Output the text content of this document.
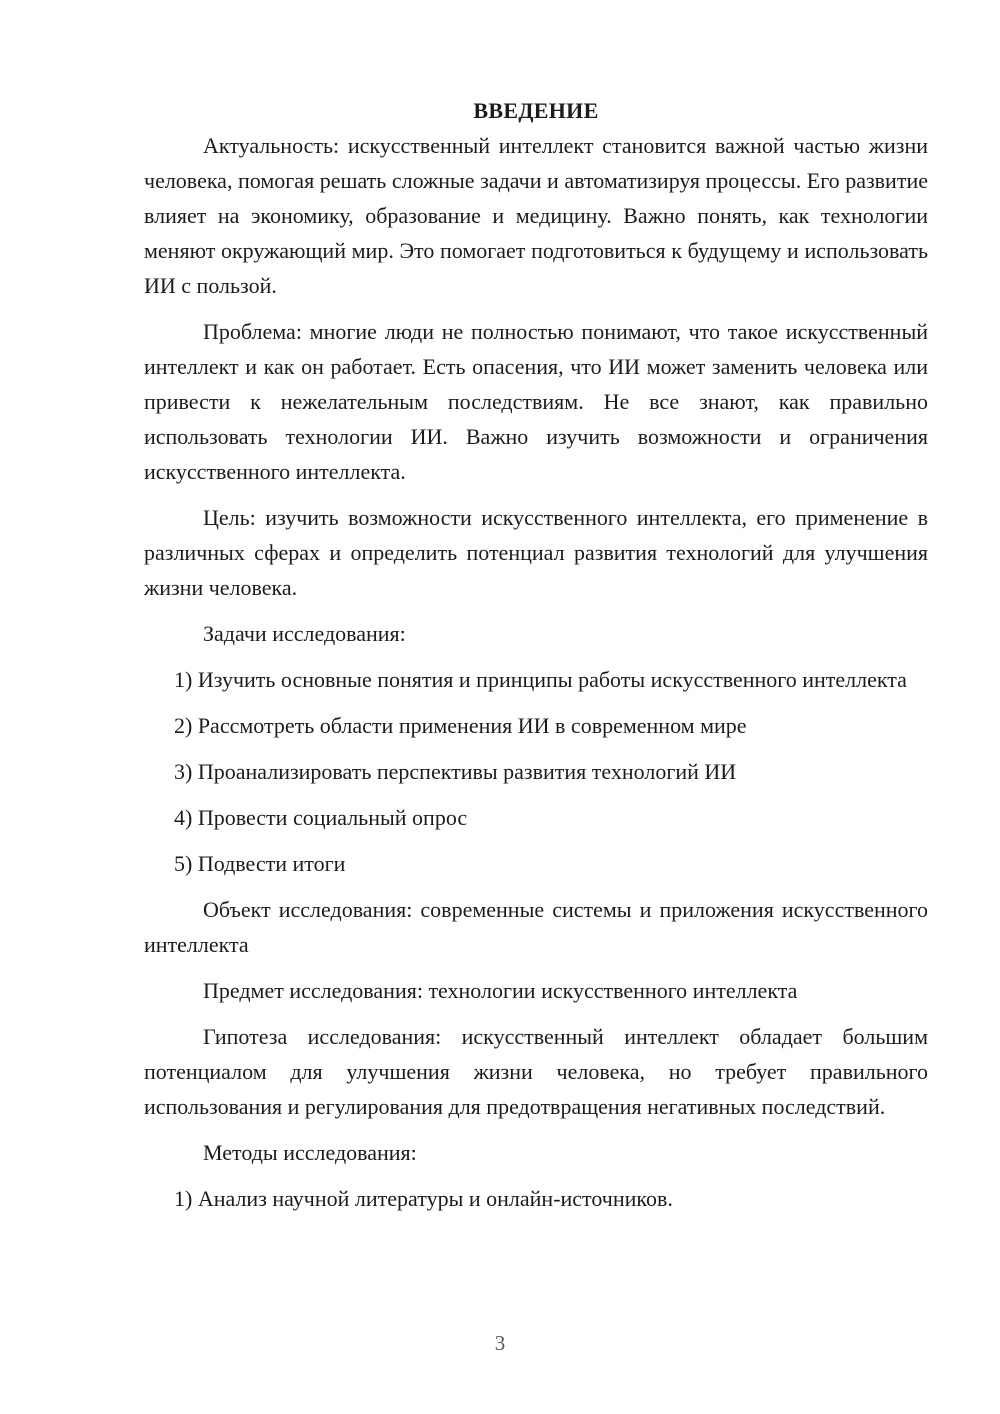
ВВЕДЕНИЕ

Актуальность: искусственный интеллект становится важной частью жизни человека, помогая решать сложные задачи и автоматизируя процессы. Его развитие влияет на экономику, образование и медицину. Важно понять, как технологии меняют окружающий мир. Это помогает подготовиться к будущему и использовать ИИ с пользой.

Проблема: многие люди не полностью понимают, что такое искусственный интеллект и как он работает. Есть опасения, что ИИ может заменить человека или привести к нежелательным последствиям. Не все знают, как правильно использовать технологии ИИ. Важно изучить возможности и ограничения искусственного интеллекта.

Цель: изучить возможности искусственного интеллекта, его применение в различных сферах и определить потенциал развития технологий для улучшения жизни человека.

Задачи исследования:

1) Изучить основные понятия и принципы работы искусственного интеллекта

2) Рассмотреть области применения ИИ в современном мире

3) Проанализировать перспективы развития технологий ИИ

4) Провести социальный опрос

5) Подвести итоги

Объект исследования: современные системы и приложения искусственного интеллекта

Предмет исследования: технологии искусственного интеллекта

Гипотеза исследования: искусственный интеллект обладает большим потенциалом для улучшения жизни человека, но требует правильного использования и регулирования для предотвращения негативных последствий.

Методы исследования:

1) Анализ научной литературы и онлайн-источников.

3
